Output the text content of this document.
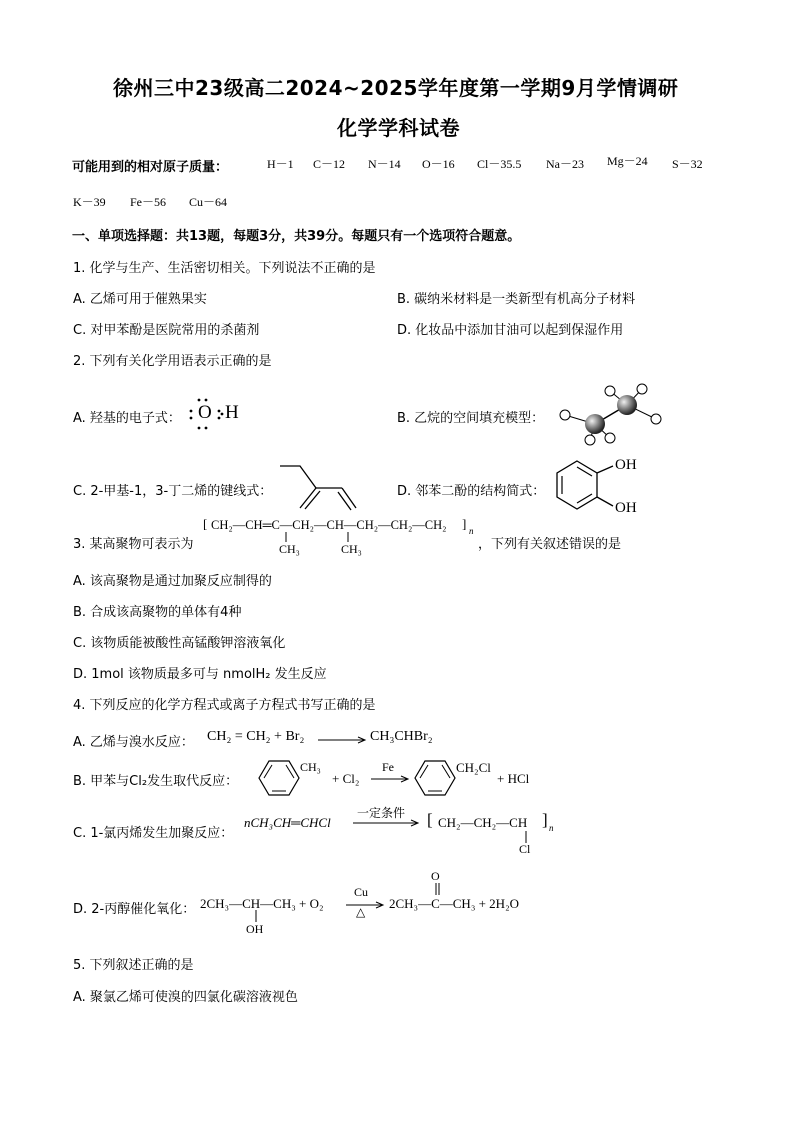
徐州三中23级高二2024~2025学年度第一学期9月学情调研
化学学科试卷
可能用到的相对原子质量：	H－1 C－12 N－14 O－16 Cl－35.5 Na－23 Mg－24 S－32
K－39 Fe－56 Cu－64
一、单项选择题：共13题，每题3分，共39分。每题只有一个选项符合题意。
1. 化学与生产、生活密切相关。下列说法不正确的是
A. 乙烯可用于催熟果实	B. 碳纳米材料是一类新型有机高分子材料
C. 对甲苯酚是医院常用的杀菌剂	D. 化妆品中添加甘油可以起到保湿作用
2. 下列有关化学用语表示正确的是
A. 羟基的电子式： O H	B. 乙烷的空间填充模型：
C. 2-甲基-1，3-丁二烯的键线式：	D. 邻苯二酚的结构简式：
OH
OH
3. 某高聚物可表示为
[ CH₂—CH═C—CH₂—CH—CH₂—CH₂—CH₂ ] n
CH₃	CH₃	，下列有关叙述错误的是
A. 该高聚物是通过加聚反应制得的
B. 合成该高聚物的单体有4种
C. 该物质能被酸性高锰酸钾溶液氧化
D. 1mol 该物质最多可与 nmolH₂ 发生反应
4. 下列反应的化学方程式或离子方程式书写正确的是
A. 乙烯与溴水反应： CH₂ = CH₂ + Br₂ → CH₃CHBr₂
B. 甲苯与Cl₂发生取代反应：
CH₃
+ Cl₂
Fe	CH₂Cl
+ HCl
C. 1-氯丙烯发生加聚反应：
nCH₃CH═CHCl
一定条件 [ CH₂—CH₂—CH ] n
Cl
D. 2-丙醇催化氧化： 2CH₃—CH—CH₃ + O₂
OH
Cu
△
2CH₃—C—CH₃ + 2H₂O
O
5. 下列叙述正确的是
A. 聚氯乙烯可使溴的四氯化碳溶液视色
